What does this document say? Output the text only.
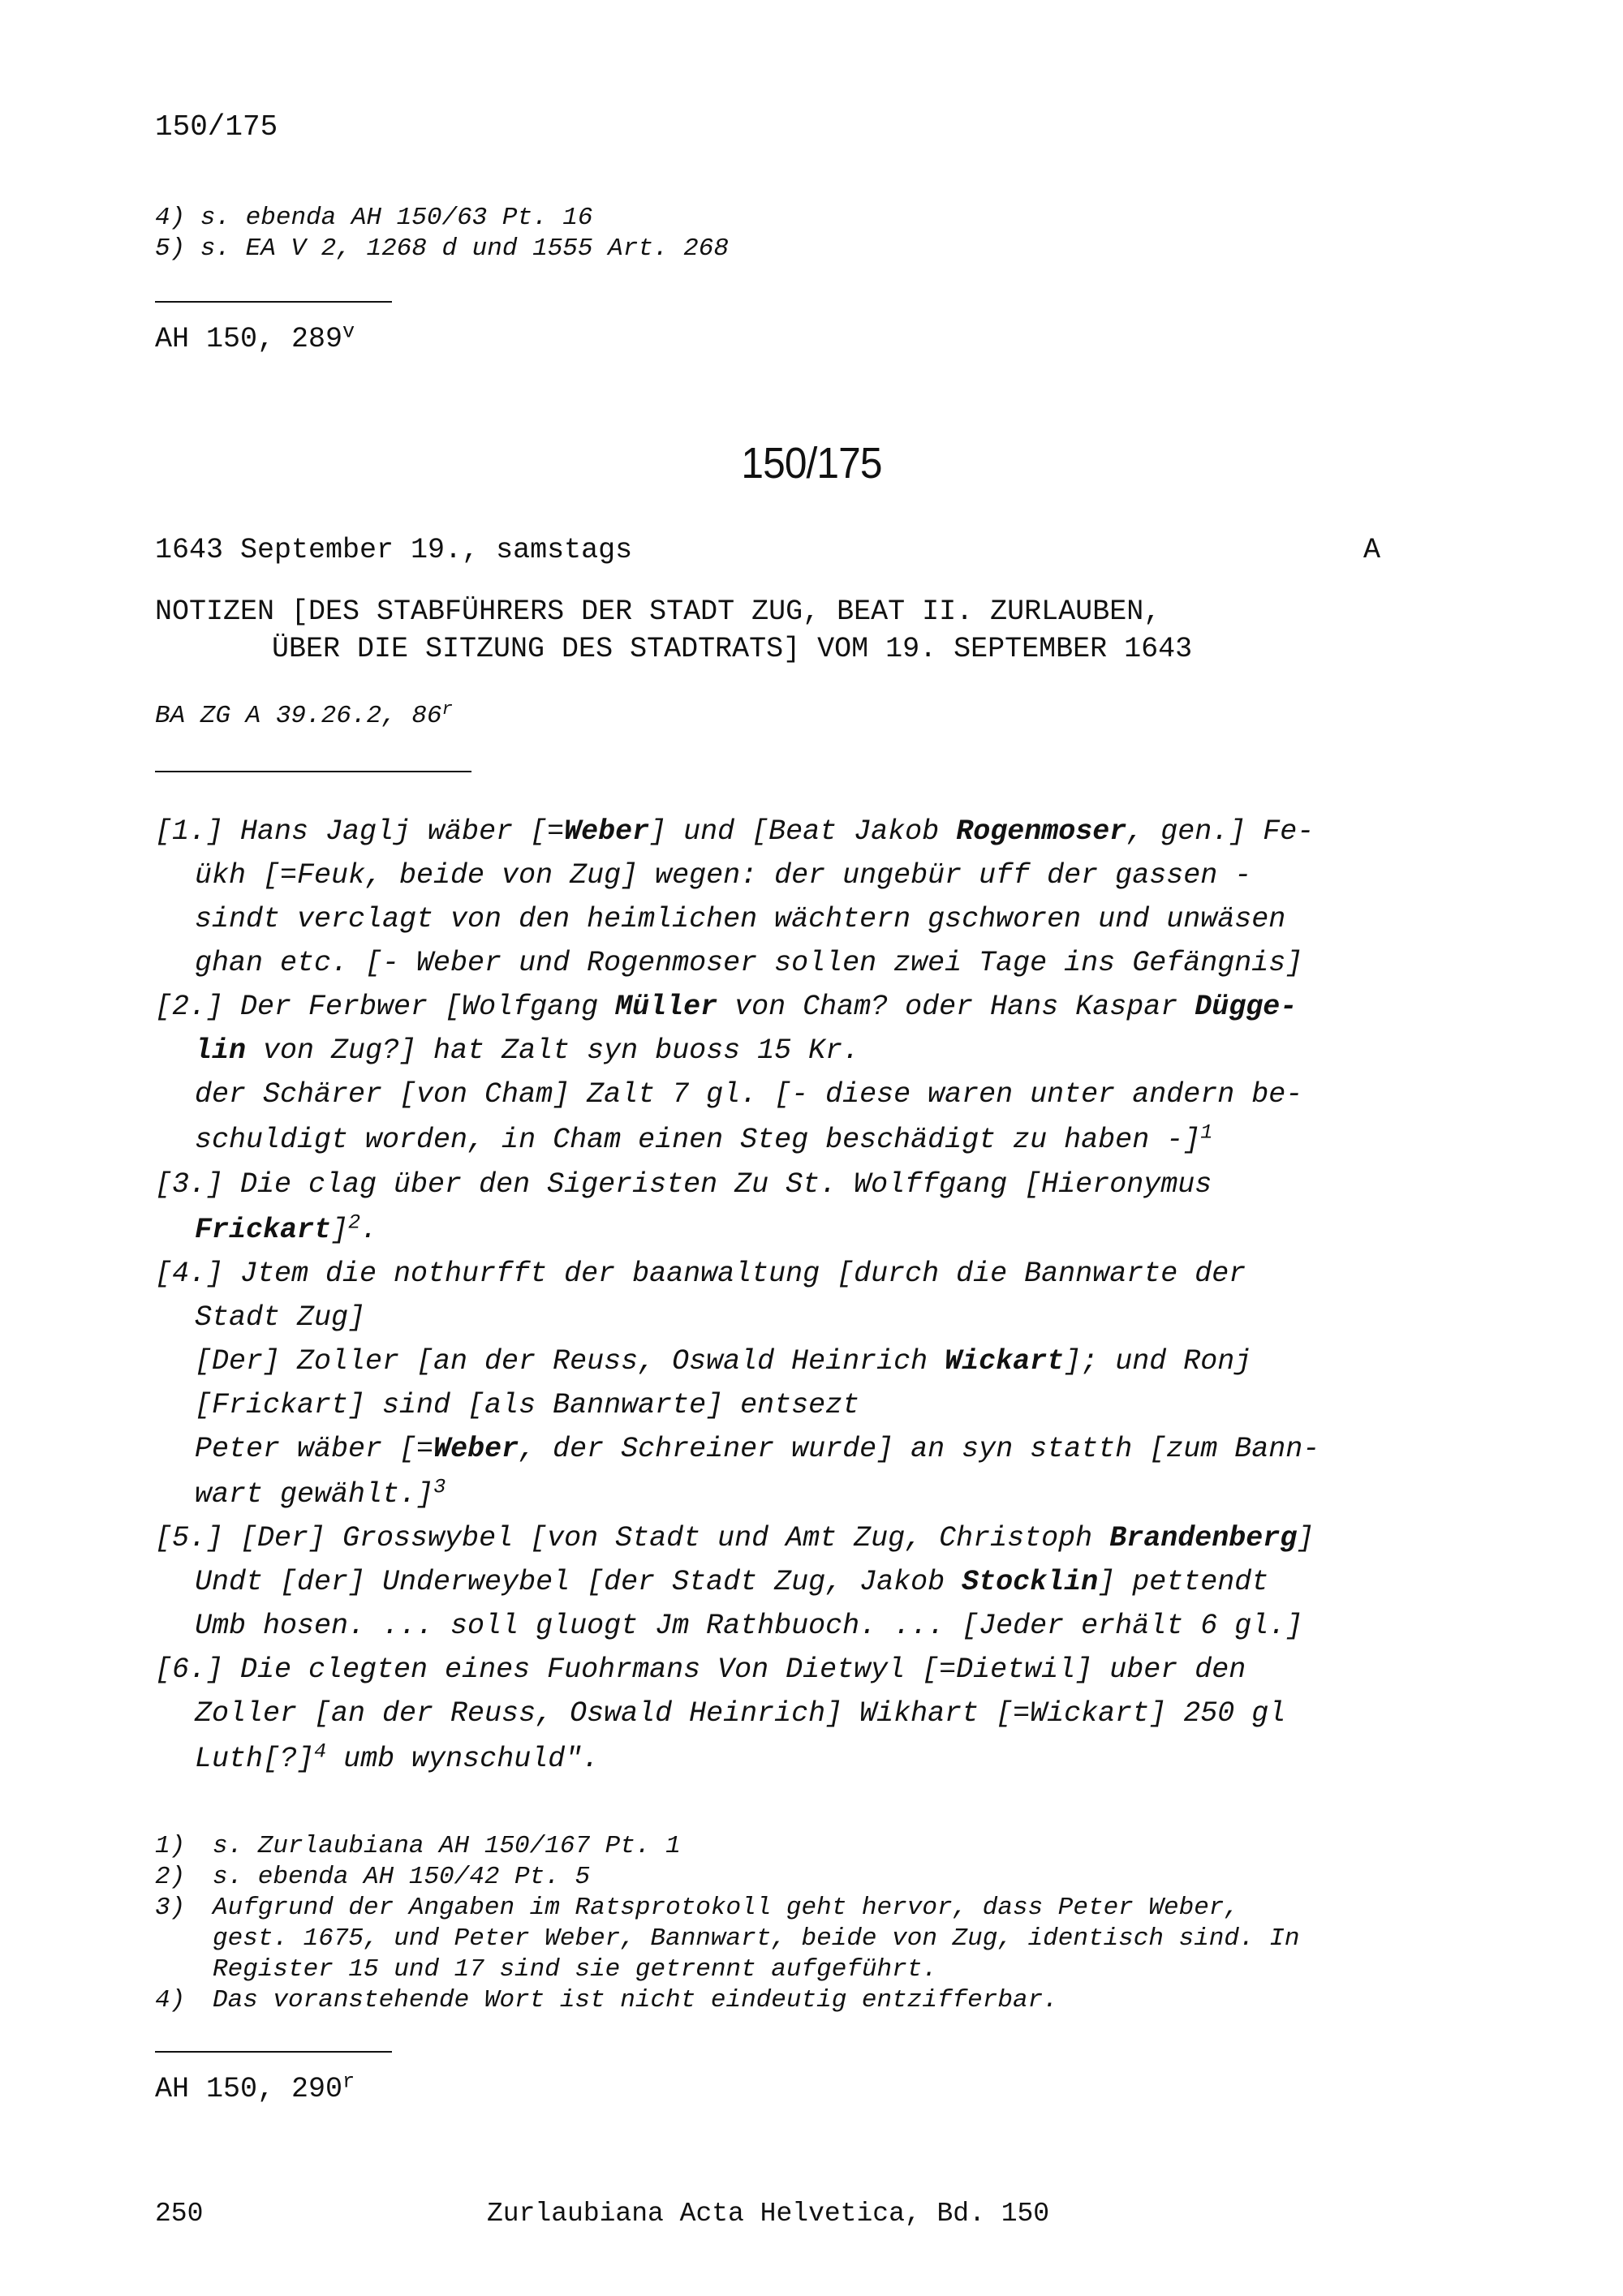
150/175
4) s. ebenda AH 150/63 Pt. 16
5) s. EA V 2, 1268 d und 1555 Art. 268
AH 150, 289$^v$
150/175
1643 September 19., samstags	A
NOTIZEN [DES STABFÜHRERS DER STADT ZUG, BEAT II. ZURLAUBEN,
ÜBER DIE SITZUNG DES STADTRATS] VOM 19. SEPTEMBER 1643
BA ZG A 39.26.2, 86$^r$
[1.] Hans Jaglj wäber [=Weber] und [Beat Jakob Rogenmoser, gen.] Fe-
ükh [=Feuk, beide von Zug] wegen: der ungebür uff der gassen -
sindt verclagt von den heimlichen wächtern gschworen und unwäsen
ghan etc. [- Weber und Rogenmoser sollen zwei Tage ins Gefängnis]
[2.] Der Ferbwer [Wolfgang Müller von Cham? oder Hans Kaspar Dügge-
lin von Zug?] hat Zalt syn buoss 15 Kr.
der Schärer [von Cham] Zalt 7 gl. [- diese waren unter andern be-
schuldigt worden, in Cham einen Steg beschädigt zu haben -]$^1$
[3.] Die clag über den Sigeristen Zu St. Wolffgang [Hieronymus
Frickart]$^2$.
[4.] Jtem die nothurfft der baanwaltung [durch die Bannwarte der
Stadt Zug]
[Der] Zoller [an der Reuss, Oswald Heinrich Wickart]; und Ronj
[Frickart] sind [als Bannwarte] entsezt
Peter wäber [=Weber, der Schreiner wurde] an syn statth [zum Bann-
wart gewählt.]$^3$
[5.] [Der] Grosswybel [von Stadt und Amt Zug, Christoph Brandenberg]
Undt [der] Underweybel [der Stadt Zug, Jakob Stocklin] pettendt
Umb hosen. ... soll gluogt Jm Rathbuoch. ... [Jeder erhält 6 gl.]
[6.] Die clegten eines Fuohrmans Von Dietwyl [=Dietwil] uber den
Zoller [an der Reuss, Oswald Heinrich] Wikhart [=Wickart] 250 gl
Luth[?]$^4$ umb wynschuld".
1) s. Zurlaubiana AH 150/167 Pt. 1
2) s. ebenda AH 150/42 Pt. 5
3) Aufgrund der Angaben im Ratsprotokoll geht hervor, dass Peter Weber,
gest. 1675, und Peter Weber, Bannwart, beide von Zug, identisch sind. In
Register 15 und 17 sind sie getrennt aufgeführt.
4) Das voranstehende Wort ist nicht eindeutig entzifferbar.
AH 150, 290$^r$
250	Zurlaubiana Acta Helvetica, Bd. 150
